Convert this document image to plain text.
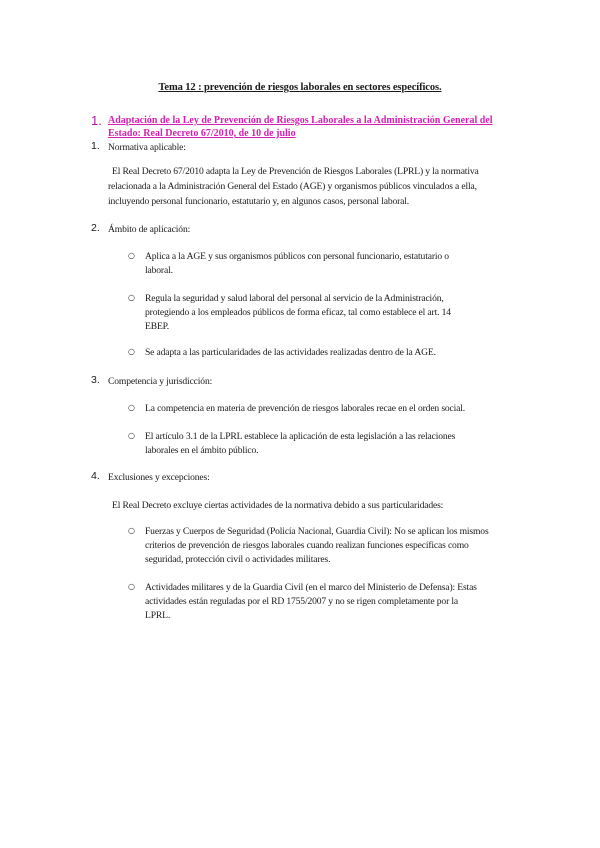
Tema 12 : prevención de riesgos laborales en sectores específicos.
1. Adaptación de la Ley de Prevención de Riesgos Laborales a la Administración General del Estado: Real Decreto 67/2010, de 10 de julio
1. Normativa aplicable:
El Real Decreto 67/2010 adapta la Ley de Prevención de Riesgos Laborales (LPRL) y la normativa
relacionada a la Administración General del Estado (AGE) y organismos públicos vinculados a ella,
incluyendo personal funcionario, estatutario y, en algunos casos, personal laboral.
2. Ámbito de aplicación:
○ Aplica a la AGE y sus organismos públicos con personal funcionario, estatutario o
laboral.
○ Regula la seguridad y salud laboral del personal al servicio de la Administración,
protegiendo a los empleados públicos de forma eficaz, tal como establece el art. 14
EBEP.
○ Se adapta a las particularidades de las actividades realizadas dentro de la AGE.
3. Competencia y jurisdicción:
○ La competencia en materia de prevención de riesgos laborales recae en el orden social.
○ El artículo 3.1 de la LPRL establece la aplicación de esta legislación a las relaciones
laborales en el ámbito público.
4. Exclusiones y excepciones:
El Real Decreto excluye ciertas actividades de la normativa debido a sus particularidades:
○ Fuerzas y Cuerpos de Seguridad (Policía Nacional, Guardia Civil): No se aplican los mismos
criterios de prevención de riesgos laborales cuando realizan funciones específicas como
seguridad, protección civil o actividades militares.
○ Actividades militares y de la Guardia Civil (en el marco del Ministerio de Defensa): Estas
actividades están reguladas por el RD 1755/2007 y no se rigen completamente por la
LPRL.
